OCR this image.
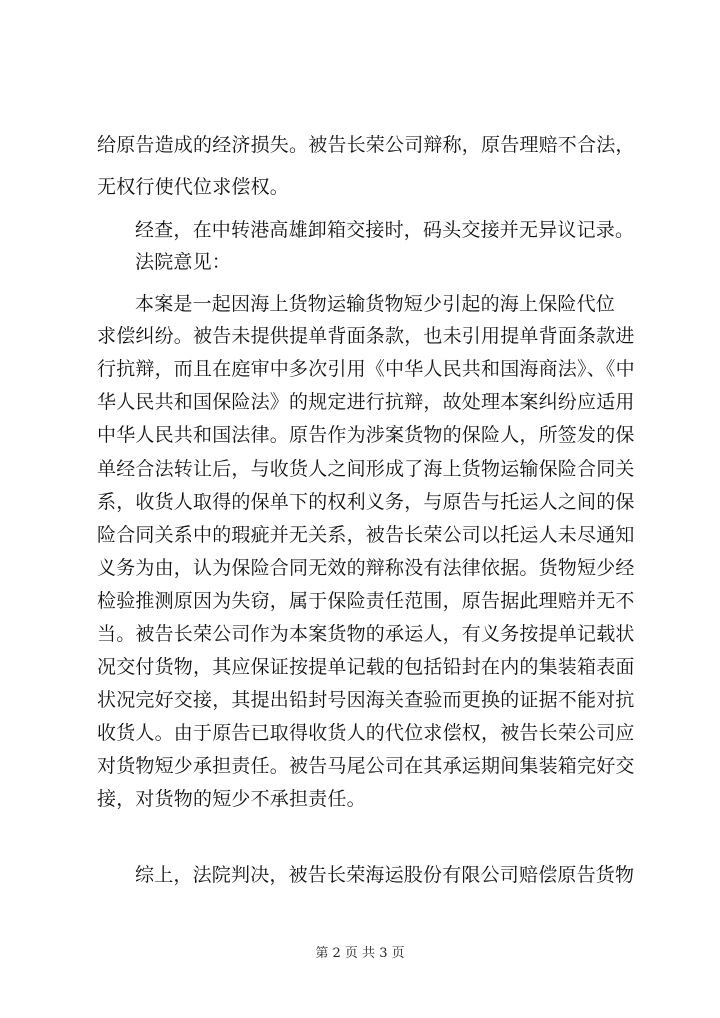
给原告造成的经济损失。被告长荣公司辩称，原告理赔不合法，
无权行使代位求偿权。
经查，在中转港高雄卸箱交接时，码头交接并无异议记录。
法院意见：
本案是一起因海上货物运输货物短少引起的海上保险代位
求偿纠纷。被告未提供提单背面条款，也未引用提单背面条款进
行抗辩，而且在庭审中多次引用《中华人民共和国海商法》、《中
华人民共和国保险法》的规定进行抗辩，故处理本案纠纷应适用
中华人民共和国法律。原告作为涉案货物的保险人，所签发的保
单经合法转让后，与收货人之间形成了海上货物运输保险合同关
系，收货人取得的保单下的权利义务，与原告与托运人之间的保
险合同关系中的瑕疵并无关系，被告长荣公司以托运人未尽通知
义务为由，认为保险合同无效的辩称没有法律依据。货物短少经
检验推测原因为失窃，属于保险责任范围，原告据此理赔并无不
当。被告长荣公司作为本案货物的承运人，有义务按提单记载状
况交付货物，其应保证按提单记载的包括铅封在内的集装箱表面
状况完好交接，其提出铅封号因海关查验而更换的证据不能对抗
收货人。由于原告已取得收货人的代位求偿权，被告长荣公司应
对货物短少承担责任。被告马尾公司在其承运期间集装箱完好交
接，对货物的短少不承担责任。
综上，法院判决，被告长荣海运股份有限公司赔偿原告货物
第 2 页 共 3 页
